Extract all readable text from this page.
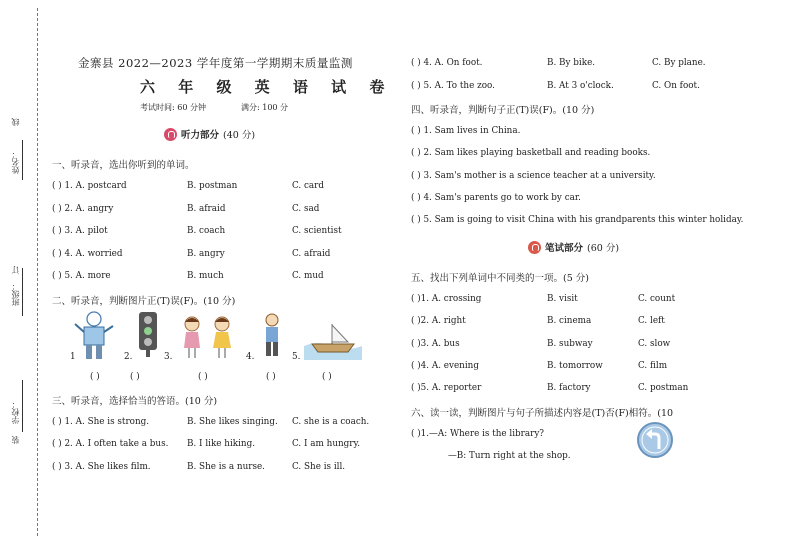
线
姓名：
订
班级：
学校：
装
金寨县 2022—2023 学年度第一学期期末质量监测
六 年 级 英 语 试 卷
考试时间: 60 分钟	满分: 100 分
听力部分 (40 分)
一、听录音，选出你听到的单词。
( ) 1. A. postcard	B. postman	C. card
( ) 2. A. angry	B. afraid	C. sad
( ) 3. A. pilot	B. coach	C. scientist
( ) 4. A. worried	B. angry	C. afraid
( ) 5. A. more	B. much	C. mud
二、听录音，判断图片正(T)误(F)。(10 分)
1	2.	3.	4.	5.
( )	( )	( )	( )	( )
三、听录音，选择恰当的答语。(10 分)
( ) 1. A. She is strong.	B. She likes singing. C. she is a coach.
( ) 2. A. I often take a bus. B. I like hiking.	C. I am hungry.
( ) 3. A. She likes film.	B. She is a nurse.	C. She is ill.
( ) 4. A. On foot.	B. By bike.	C. By plane.
( ) 5. A. To the zoo.	B. At 3 o'clock.	C. On foot.
四、听录音，判断句子正(T)误(F)。(10 分)
( ) 1. Sam lives in China.
( ) 2. Sam likes playing basketball and reading books.
( ) 3. Sam's mother is a science teacher at a university.
( ) 4. Sam's parents go to work by car.
( ) 5. Sam is going to visit China with his grandparents this winter holiday.
笔试部分 (60 分)
五、找出下列单词中不同类的一项。(5 分)
( )1. A. crossing	B. visit	C. count
( )2. A. right	B. cinema	C. left
( )3. A. bus	B. subway	C. slow
( )4. A. evening	B. tomorrow	C. film
( )5. A. reporter	B. factory	C. postman
六、读一读，判断图片与句子所描述内容是(T)否(F)相符。(10
( )1.—A: Where is the library?
—B: Turn right at the shop.
